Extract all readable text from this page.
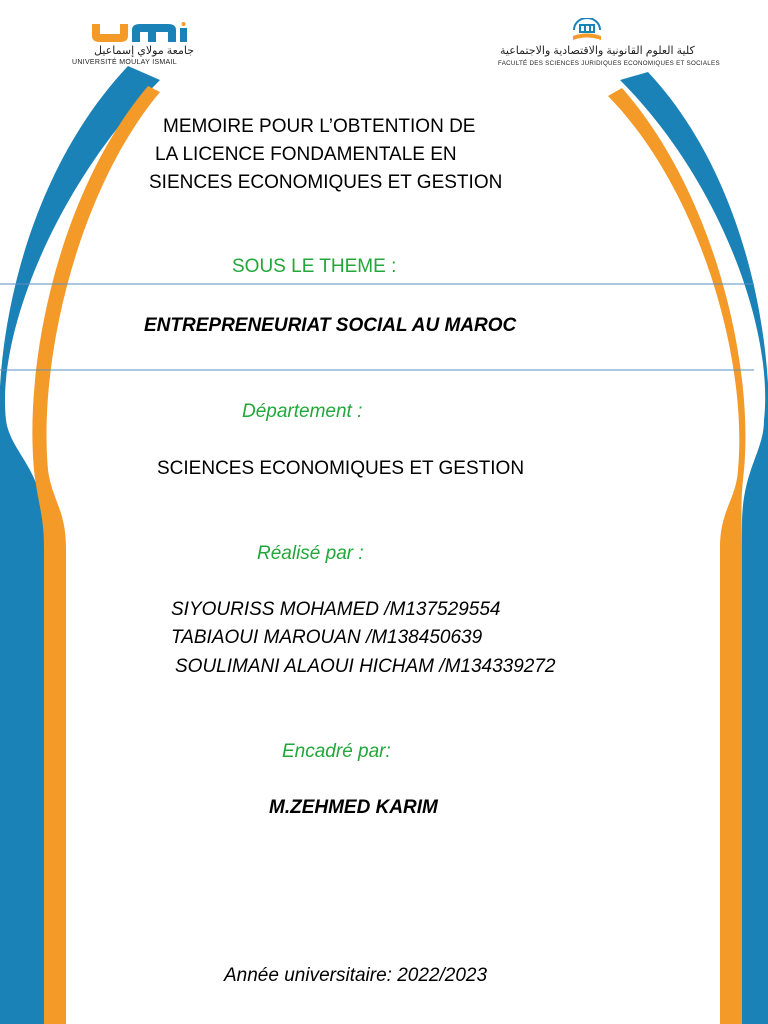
جامعة مولاي إسماعيل
UNIVERSITÉ MOULAY ISMAIL
كلية العلوم القانونية والاقتصادية والاجتماعية
FACULTÉ DES SCIENCES JURIDIQUES ECONOMIQUES ET SOCIALES
MEMOIRE POUR L’OBTENTION DE
LA LICENCE FONDAMENTALE EN
SIENCES ECONOMIQUES ET GESTION
SOUS LE THEME :
ENTREPRENEURIAT SOCIAL AU MAROC
Département :
SCIENCES ECONOMIQUES ET GESTION
Réalisé par :
SIYOURISS MOHAMED /M137529554
TABIAOUI MAROUAN /M138450639
SOULIMANI ALAOUI HICHAM /M134339272
Encadré par:
M.ZEHMED KARIM
Année universitaire: 2022/2023
